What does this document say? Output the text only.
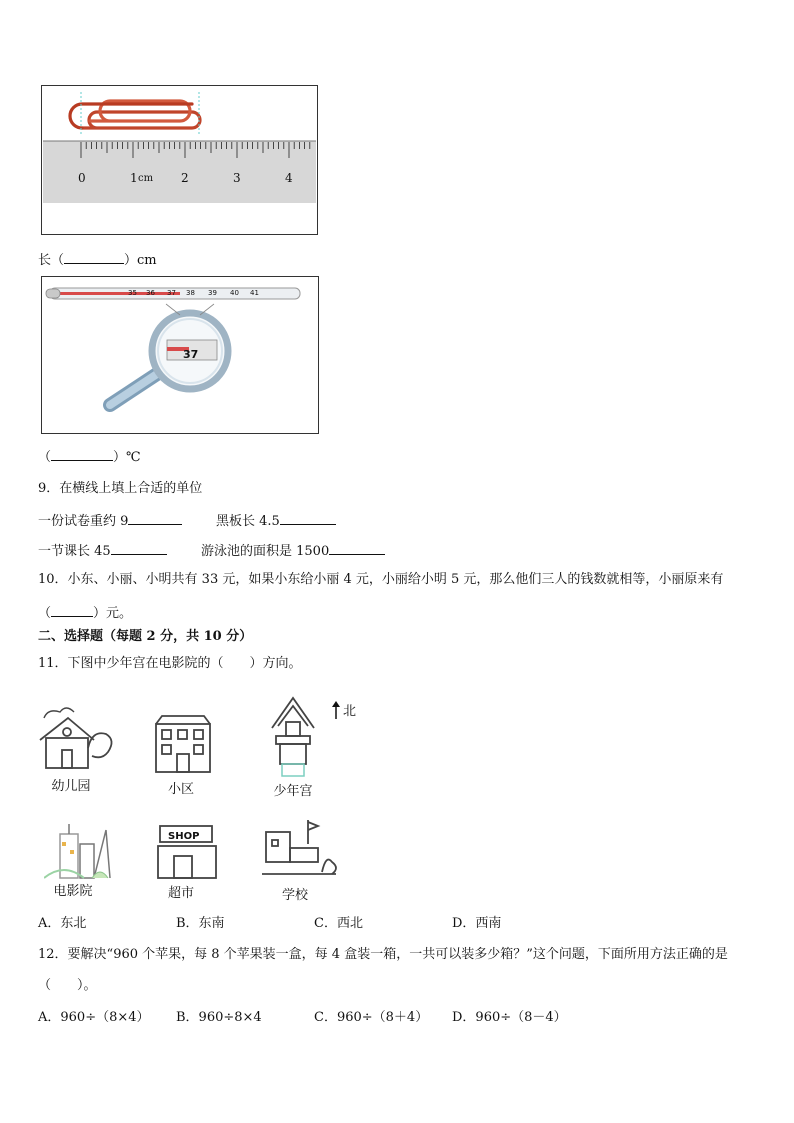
0	1 cm 2	3	4
长（	）cm
35 36 37 38 39 40 41
37
（	）℃
9．在横线上填上合适的单位
一份试卷重约 9	黑板长 4.5
一节课长 45	游泳池的面积是 1500
10．小东、小丽、小明共有 33 元，如果小东给小丽 4 元，小丽给小明 5 元，那么他们三人的钱数就相等，小丽原来有
（	）元。
二、选择题（每题 2 分，共 10 分）
11．下图中少年宫在电影院的（　　）方向。
北
幼儿园	小区	少年宫
电影院
SHOP
超市	学校
A．东北	B．东南	C．西北	D．西南
12．要解决“960 个苹果，每 8 个苹果装一盒，每 4 盒装一箱，一共可以装多少箱？”这个问题，下面所用方法正确的是
（　　）。
A．960÷（8×4） B．960÷8×4	C．960÷（8＋4） D．960÷（8－4）
